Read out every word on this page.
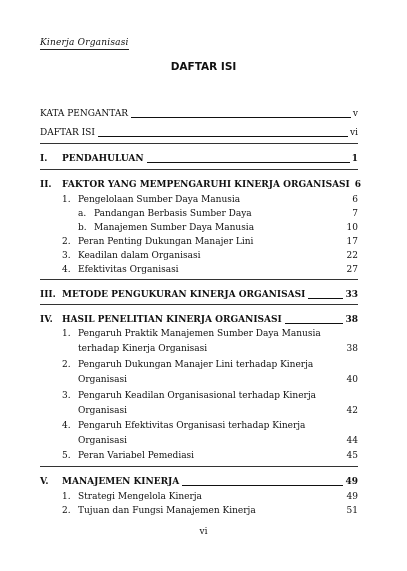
Kinerja Organisasi
DAFTAR ISI
KATA PENGANTAR	v
DAFTAR ISI	vi
I.	PENDAHULUAN	1
II.	FAKTOR YANG MEMPENGARUHI KINERJA ORGANISASI 6
1. Pengelolaan Sumber Daya Manusia	6
a. Pandangan Berbasis Sumber Daya	7
b. Manajemen Sumber Daya Manusia	10
2. Peran Penting Dukungan Manajer Lini	17
3. Keadilan dalam Organisasi	22
4. Efektivitas Organisasi	27
III. METODE PENGUKURAN KINERJA ORGANISASI	33
IV.	HASIL PENELITIAN KINERJA ORGANISASI	38
1. Pengaruh Praktik Manajemen Sumber Daya Manusia
terhadap Kinerja Organisasi	38
2. Pengaruh Dukungan Manajer Lini terhadap Kinerja
Organisasi	40
3. Pengaruh Keadilan Organisasional terhadap Kinerja
Organisasi	42
4. Pengaruh Efektivitas Organisasi terhadap Kinerja
Organisasi	44
5. Peran Variabel Pemediasi	45
V.	MANAJEMEN KINERJA	49
1. Strategi Mengelola Kinerja	49
2. Tujuan dan Fungsi Manajemen Kinerja	51
vi
